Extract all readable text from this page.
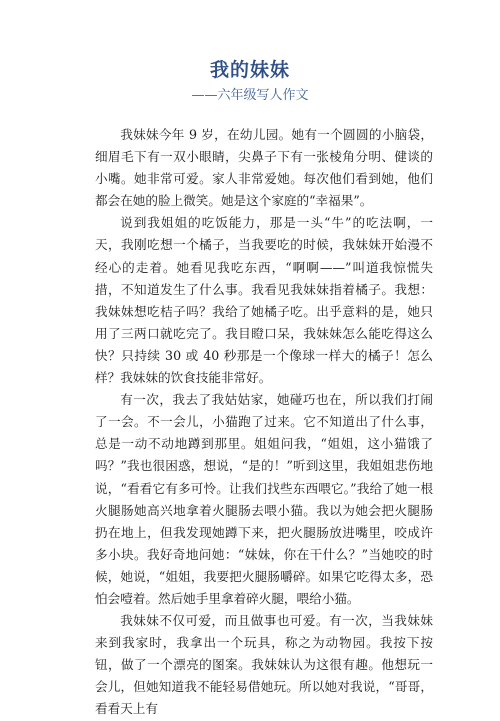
我的妹妹
——六年级写人作文

我妹妹今年 9 岁，在幼儿园。她有一个圆圆的小脑袋，细眉毛下有一双小眼睛，尖鼻子下有一张棱角分明、健谈的小嘴。她非常可爱。家人非常爱她。每次他们看到她，他们都会在她的脸上微笑。她是这个家庭的“幸福果”。

说到我姐姐的吃饭能力，那是一头“牛”的吃法啊，一天，我刚吃想一个橘子，当我要吃的时候，我妹妹开始漫不经心的走着。她看见我吃东西，“啊啊——”叫道我惊慌失措，不知道发生了什么事。我看见我妹妹指着橘子。我想：我妹妹想吃桔子吗？我给了她橘子吃。出乎意料的是，她只用了三两口就吃完了。我目瞪口呆，我妹妹怎么能吃得这么快？只持续 30 或 40 秒那是一个像球一样大的橘子！怎么样？我妹妹的饮食技能非常好。

有一次，我去了我姑姑家，她碰巧也在，所以我们打闹了一会。不一会儿，小猫跑了过来。它不知道出了什么事，总是一动不动地蹲到那里。姐姐问我，“姐姐，这小猫饿了吗？”我也很困惑，想说，“是的！”听到这里，我姐姐悲伤地说，“看看它有多可怜。让我们找些东西喂它。”我给了她一根火腿肠她高兴地拿着火腿肠去喂小猫。我以为她会把火腿肠扔在地上，但我发现她蹲下来，把火腿肠放进嘴里，咬成许多小块。我好奇地问她：“妹妹，你在干什么？”当她咬的时候，她说，“姐姐，我要把火腿肠嚼碎。如果它吃得太多，恐怕会噎着。然后她手里拿着碎火腿，喂给小猫。

我妹妹不仅可爱，而且做事也可爱。有一次，当我妹妹来到我家时，我拿出一个玩具，称之为动物园。我按下按钮，做了一个漂亮的图案。我妹妹认为这很有趣。他想玩一会儿，但她知道我不能轻易借她玩。所以她对我说，“哥哥，看看天上有
